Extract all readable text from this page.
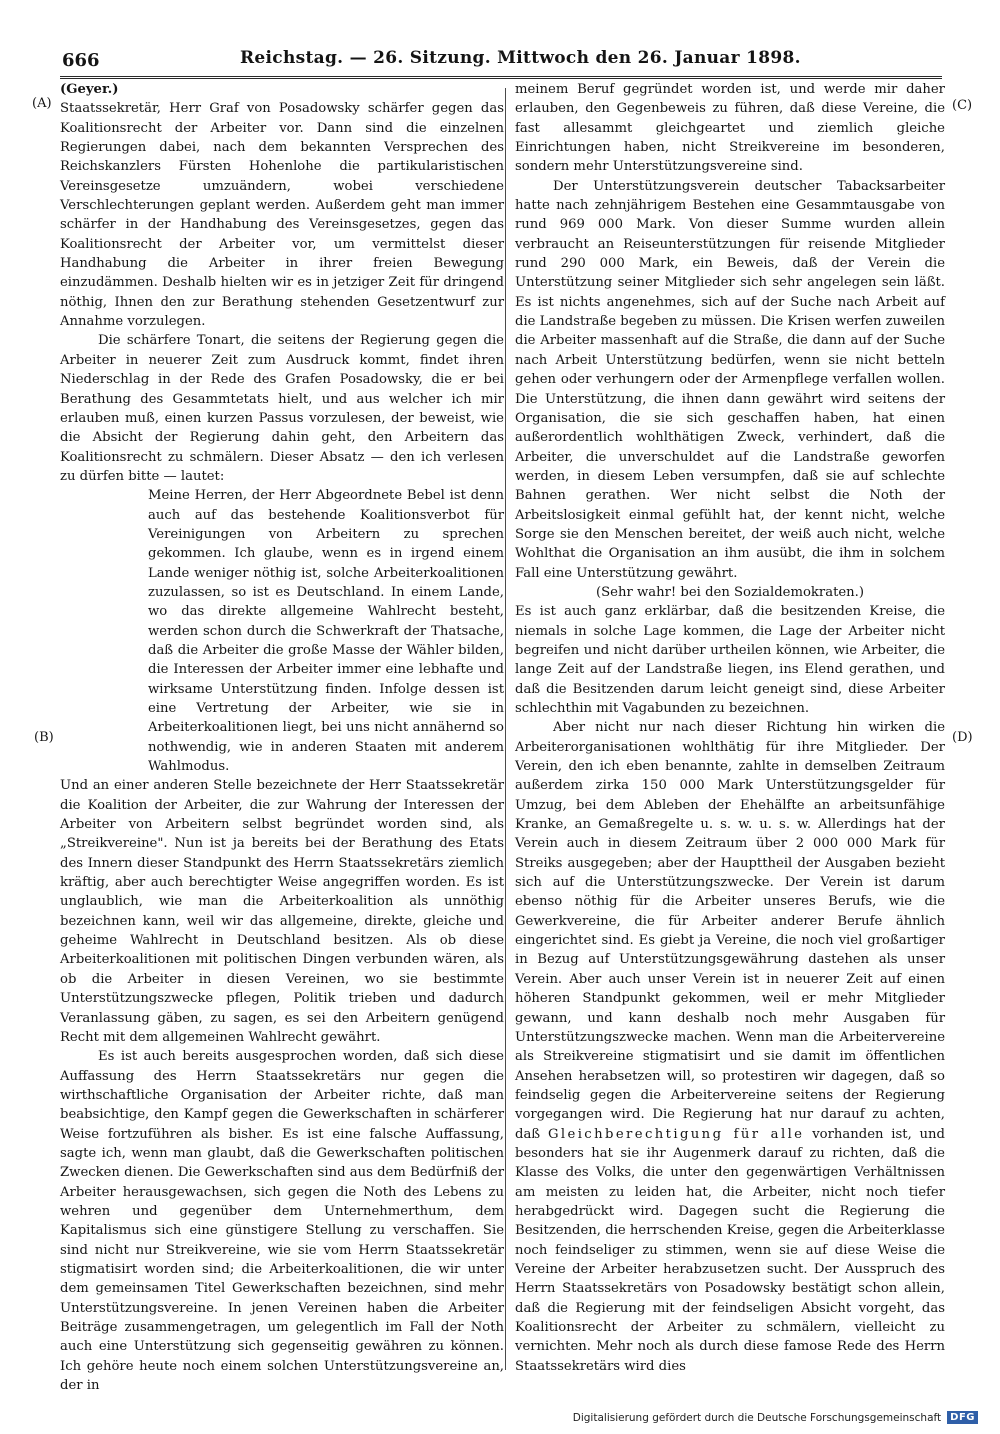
666	Reichstag. — 26. Sitzung. Mittwoch den 26. Januar 1898.
(A)
(B)
(C)
(D)

(Geyer.)

Staatssekretär, Herr Graf von Posadowsky schärfer gegen das Koalitionsrecht der Arbeiter vor. Dann sind die einzelnen Regierungen dabei, nach dem bekannten Versprechen des Reichskanzlers Fürsten Hohenlohe die partikularistischen Vereinsgesetze umzuändern, wobei verschiedene Verschlechterungen geplant werden. Außerdem geht man immer schärfer in der Handhabung des Vereinsgesetzes, gegen das Koalitionsrecht der Arbeiter vor, um vermittelst dieser Handhabung die Arbeiter in ihrer freien Bewegung einzudämmen. Deshalb hielten wir es in jetziger Zeit für dringend nöthig, Ihnen den zur Berathung stehenden Gesetzentwurf zur Annahme vorzulegen.

Die schärfere Tonart, die seitens der Regierung gegen die Arbeiter in neuerer Zeit zum Ausdruck kommt, findet ihren Niederschlag in der Rede des Grafen Posadowsky, die er bei Berathung des Gesammtetats hielt, und aus welcher ich mir erlauben muß, einen kurzen Passus vorzulesen, der beweist, wie die Absicht der Regierung dahin geht, den Arbeitern das Koalitionsrecht zu schmälern. Dieser Absatz — den ich verlesen zu dürfen bitte — lautet:

Meine Herren, der Herr Abgeordnete Bebel ist denn auch auf das bestehende Koalitionsverbot für Vereinigungen von Arbeitern zu sprechen gekommen. Ich glaube, wenn es in irgend einem Lande weniger nöthig ist, solche Arbeiterkoalitionen zuzulassen, so ist es Deutschland. In einem Lande, wo das direkte allgemeine Wahlrecht besteht, werden schon durch die Schwerkraft der Thatsache, daß die Arbeiter die große Masse der Wähler bilden, die Interessen der Arbeiter immer eine lebhafte und wirksame Unterstützung finden. Infolge dessen ist eine Vertretung der Arbeiter, wie sie in Arbeiterkoalitionen liegt, bei uns nicht annähernd so nothwendig, wie in anderen Staaten mit anderem Wahlmodus.

Und an einer anderen Stelle bezeichnete der Herr Staatssekretär die Koalition der Arbeiter, die zur Wahrung der Interessen der Arbeiter von Arbeitern selbst begründet worden sind, als „Streikvereine". Nun ist ja bereits bei der Berathung des Etats des Innern dieser Standpunkt des Herrn Staatssekretärs ziemlich kräftig, aber auch berechtigter Weise angegriffen worden. Es ist unglaublich, wie man die Arbeiterkoalition als unnöthig bezeichnen kann, weil wir das allgemeine, direkte, gleiche und geheime Wahlrecht in Deutschland besitzen. Als ob diese Arbeiterkoalitionen mit politischen Dingen verbunden wären, als ob die Arbeiter in diesen Vereinen, wo sie bestimmte Unterstützungszwecke pflegen, Politik trieben und dadurch Veranlassung gäben, zu sagen, es sei den Arbeitern genügend Recht mit dem allgemeinen Wahlrecht gewährt.

Es ist auch bereits ausgesprochen worden, daß sich diese Auffassung des Herrn Staatssekretärs nur gegen die wirthschaftliche Organisation der Arbeiter richte, daß man beabsichtige, den Kampf gegen die Gewerkschaften in schärferer Weise fortzuführen als bisher. Es ist eine falsche Auffassung, sagte ich, wenn man glaubt, daß die Gewerkschaften politischen Zwecken dienen. Die Gewerkschaften sind aus dem Bedürfniß der Arbeiter herausgewachsen, sich gegen die Noth des Lebens zu wehren und gegenüber dem Unternehmerthum, dem Kapitalismus sich eine günstigere Stellung zu verschaffen. Sie sind nicht nur Streikvereine, wie sie vom Herrn Staatssekretär stigmatisirt worden sind; die Arbeiterkoalitionen, die wir unter dem gemeinsamen Titel Gewerkschaften bezeichnen, sind mehr Unterstützungsvereine. In jenen Vereinen haben die Arbeiter Beiträge zusammengetragen, um gelegentlich im Fall der Noth auch eine Unterstützung sich gegenseitig gewähren zu können. Ich gehöre heute noch einem solchen Unterstützungsvereine an, der in

meinem Beruf gegründet worden ist, und werde mir daher erlauben, den Gegenbeweis zu führen, daß diese Vereine, die fast allesammt gleichgeartet und ziemlich gleiche Einrichtungen haben, nicht Streikvereine im besonderen, sondern mehr Unterstützungsvereine sind.

Der Unterstützungsverein deutscher Tabacksarbeiter hatte nach zehnjährigem Bestehen eine Gesammtausgabe von rund 969 000 Mark. Von dieser Summe wurden allein verbraucht an Reiseunterstützungen für reisende Mitglieder rund 290 000 Mark, ein Beweis, daß der Verein die Unterstützung seiner Mitglieder sich sehr angelegen sein läßt. Es ist nichts angenehmes, sich auf der Suche nach Arbeit auf die Landstraße begeben zu müssen. Die Krisen werfen zuweilen die Arbeiter massenhaft auf die Straße, die dann auf der Suche nach Arbeit Unterstützung bedürfen, wenn sie nicht betteln gehen oder verhungern oder der Armenpflege verfallen wollen. Die Unterstützung, die ihnen dann gewährt wird seitens der Organisation, die sie sich geschaffen haben, hat einen außerordentlich wohlthätigen Zweck, verhindert, daß die Arbeiter, die unverschuldet auf die Landstraße geworfen werden, in diesem Leben versumpfen, daß sie auf schlechte Bahnen gerathen. Wer nicht selbst die Noth der Arbeitslosigkeit einmal gefühlt hat, der kennt nicht, welche Sorge sie den Menschen bereitet, der weiß auch nicht, welche Wohlthat die Organisation an ihm ausübt, die ihm in solchem Fall eine Unterstützung gewährt.

(Sehr wahr! bei den Sozialdemokraten.)

Es ist auch ganz erklärbar, daß die besitzenden Kreise, die niemals in solche Lage kommen, die Lage der Arbeiter nicht begreifen und nicht darüber urtheilen können, wie Arbeiter, die lange Zeit auf der Landstraße liegen, ins Elend gerathen, und daß die Besitzenden darum leicht geneigt sind, diese Arbeiter schlechthin mit Vagabunden zu bezeichnen.

Aber nicht nur nach dieser Richtung hin wirken die Arbeiterorganisationen wohlthätig für ihre Mitglieder. Der Verein, den ich eben benannte, zahlte in demselben Zeitraum außerdem zirka 150 000 Mark Unterstützungsgelder für Umzug, bei dem Ableben der Ehehälfte an arbeitsunfähige Kranke, an Gemaßregelte u. s. w. u. s. w. Allerdings hat der Verein auch in diesem Zeitraum über 2 000 000 Mark für Streiks ausgegeben; aber der Haupttheil der Ausgaben bezieht sich auf die Unterstützungszwecke. Der Verein ist darum ebenso nöthig für die Arbeiter unseres Berufs, wie die Gewerkvereine, die für Arbeiter anderer Berufe ähnlich eingerichtet sind. Es giebt ja Vereine, die noch viel großartiger in Bezug auf Unterstützungsgewährung dastehen als unser Verein. Aber auch unser Verein ist in neuerer Zeit auf einen höheren Standpunkt gekommen, weil er mehr Mitglieder gewann, und kann deshalb noch mehr Ausgaben für Unterstützungszwecke machen. Wenn man die Arbeitervereine als Streikvereine stigmatisirt und sie damit im öffentlichen Ansehen herabsetzen will, so protestiren wir dagegen, daß so feindselig gegen die Arbeitervereine seitens der Regierung vorgegangen wird. Die Regierung hat nur darauf zu achten, daß Gleichberechtigung für alle vorhanden ist, und besonders hat sie ihr Augenmerk darauf zu richten, daß die Klasse des Volks, die unter den gegenwärtigen Verhältnissen am meisten zu leiden hat, die Arbeiter, nicht noch tiefer herabgedrückt wird. Dagegen sucht die Regierung die Besitzenden, die herrschenden Kreise, gegen die Arbeiterklasse noch feindseliger zu stimmen, wenn sie auf diese Weise die Vereine der Arbeiter herabzusetzen sucht. Der Ausspruch des Herrn Staatssekretärs von Posadowsky bestätigt schon allein, daß die Regierung mit der feindseligen Absicht vorgeht, das Koalitionsrecht der Arbeiter zu schmälern, vielleicht zu vernichten. Mehr noch als durch diese famose Rede des Herrn Staatssekretärs wird dies

Digitalisierung gefördert durch die Deutsche Forschungsgemeinschaft DFG
